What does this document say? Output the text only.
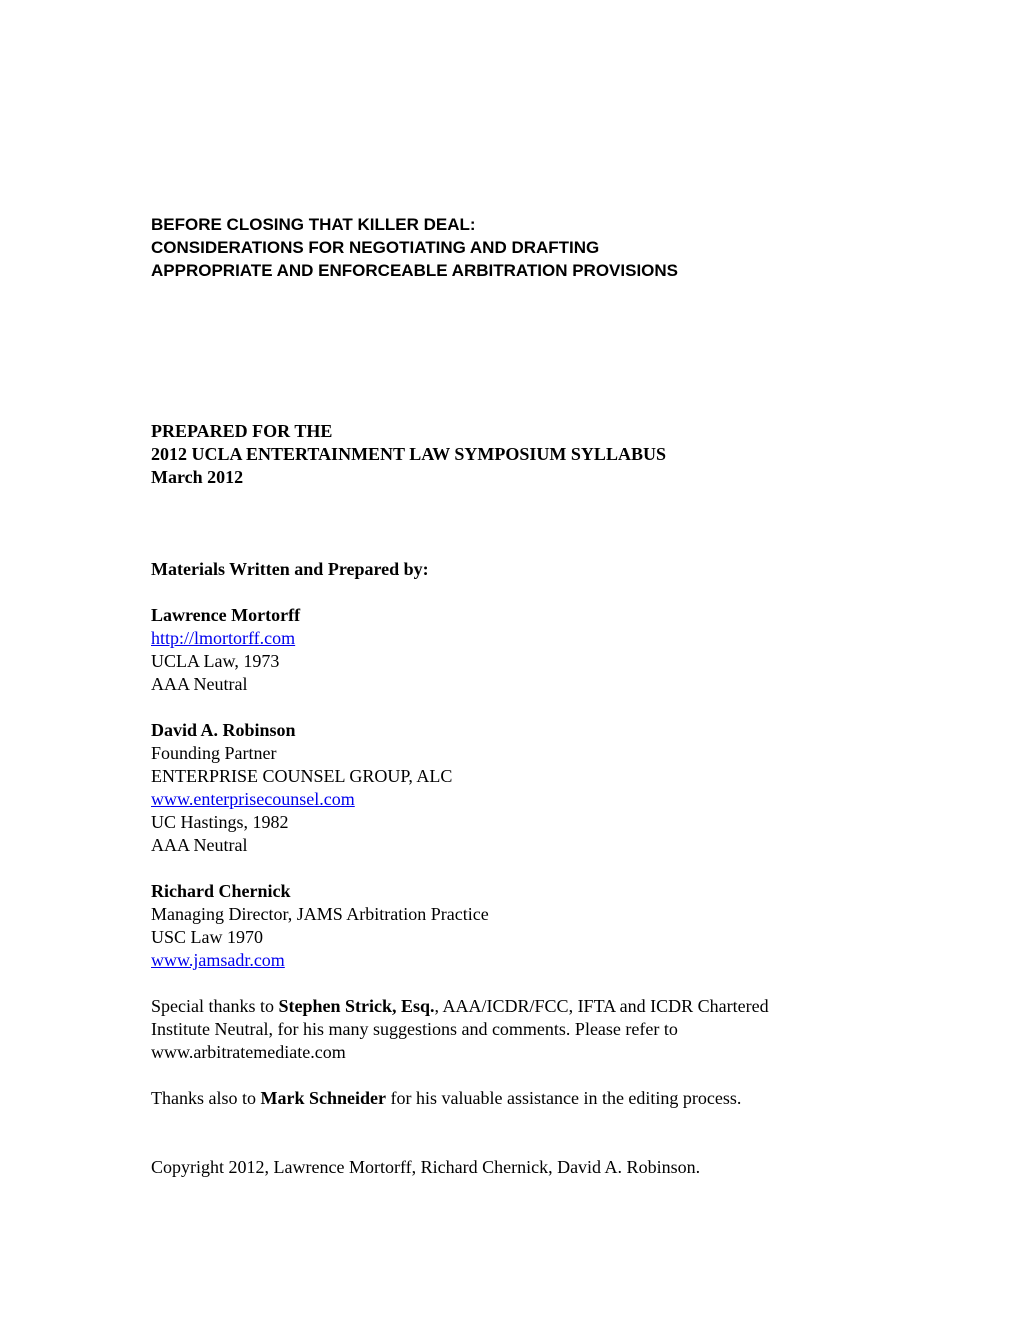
BEFORE CLOSING THAT KILLER DEAL:
CONSIDERATIONS FOR NEGOTIATING AND DRAFTING
APPROPRIATE AND ENFORCEABLE ARBITRATION PROVISIONS
PREPARED FOR THE
2012 UCLA ENTERTAINMENT LAW SYMPOSIUM SYLLABUS
March 2012
Materials Written and Prepared by:
Lawrence Mortorff
http://lmortorff.com
UCLA Law, 1973
AAA Neutral
David A. Robinson
Founding Partner
ENTERPRISE COUNSEL GROUP, ALC
www.enterprisecounsel.com
UC Hastings, 1982
AAA Neutral
Richard Chernick
Managing Director, JAMS Arbitration Practice
USC Law 1970
www.jamsadr.com
Special thanks to Stephen Strick, Esq., AAA/ICDR/FCC, IFTA and ICDR Chartered
Institute Neutral, for his many suggestions and comments. Please refer to
www.arbitratemediate.com
Thanks also to Mark Schneider for his valuable assistance in the editing process.
Copyright 2012, Lawrence Mortorff, Richard Chernick, David A. Robinson.
